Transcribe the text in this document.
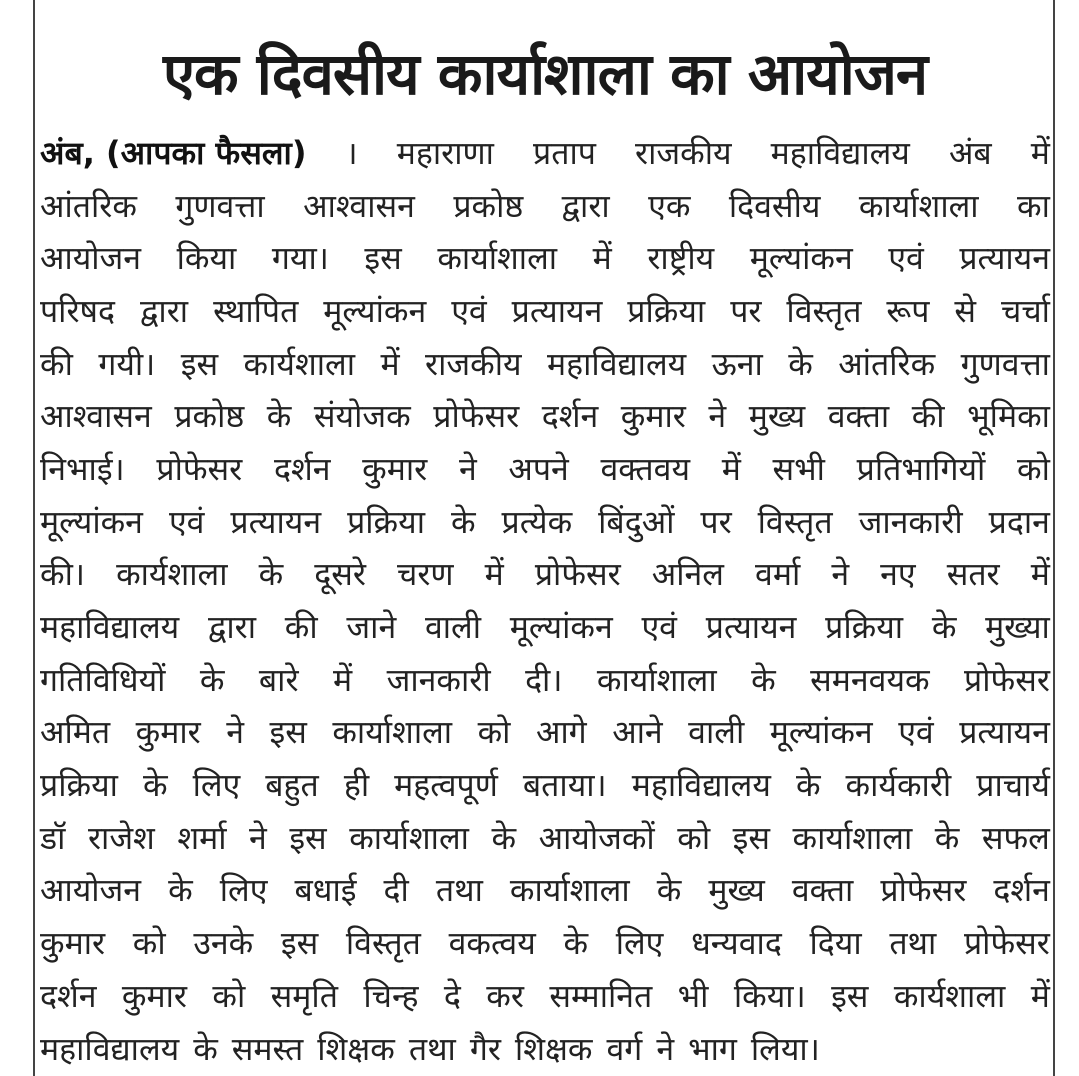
एक दिवसीय कार्याशाला का आयोजन
अंब, (आपका फैसला) । महाराणा प्रताप राजकीय महाविद्यालय अंब में
आंतरिक गुणवत्ता आश्वासन प्रकोष्ठ द्वारा एक दिवसीय कार्याशाला का
आयोजन किया गया। इस कार्याशाला में राष्ट्रीय मूल्यांकन एवं प्रत्यायन
परिषद द्वारा स्थापित मूल्यांकन एवं प्रत्यायन प्रक्रिया पर विस्तृत रूप से चर्चा
की गयी। इस कार्यशाला में राजकीय महाविद्यालय ऊना के आंतरिक गुणवत्ता
आश्वासन प्रकोष्ठ के संयोजक प्रोफेसर दर्शन कुमार ने मुख्य वक्ता की भूमिका
निभाई। प्रोफेसर दर्शन कुमार ने अपने वक्तवय में सभी प्रतिभागियों को
मूल्यांकन एवं प्रत्यायन प्रक्रिया के प्रत्येक बिंदुओं पर विस्तृत जानकारी प्रदान
की। कार्यशाला के दूसरे चरण में प्रोफेसर अनिल वर्मा ने नए सतर में
महाविद्यालय द्वारा की जाने वाली मूल्यांकन एवं प्रत्यायन प्रक्रिया के मुख्या
गतिविधियों के बारे में जानकारी दी। कार्याशाला के समनवयक प्रोफेसर
अमित कुमार ने इस कार्याशाला को आगे आने वाली मूल्यांकन एवं प्रत्यायन
प्रक्रिया के लिए बहुत ही महत्वपूर्ण बताया। महाविद्यालय के कार्यकारी प्राचार्य
डॉ राजेश शर्मा ने इस कार्याशाला के आयोजकों को इस कार्याशाला के सफल
आयोजन के लिए बधाई दी तथा कार्याशाला के मुख्य वक्ता प्रोफेसर दर्शन
कुमार को उनके इस विस्तृत वकत्वय के लिए धन्यवाद दिया तथा प्रोफेसर
दर्शन कुमार को समृति चिन्ह दे कर सम्मानित भी किया। इस कार्यशाला में
महाविद्यालय के समस्त शिक्षक तथा गैर शिक्षक वर्ग ने भाग लिया।
